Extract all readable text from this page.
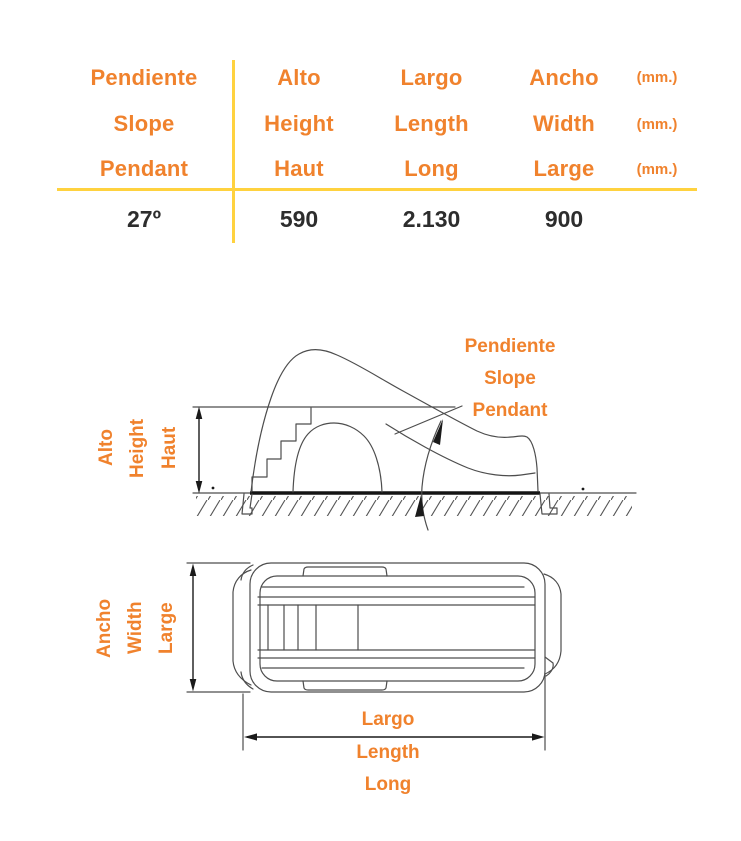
Pendiente	Alto	Largo	Ancho	(mm.)
Slope	Height	Length	Width	(mm.)
Pendant	Haut	Long	Large	(mm.)
27º	590	2.130	900
Alto Height Haut
Pendiente
Slope
Pendant
Ancho Width Large
Largo
Length
Long
